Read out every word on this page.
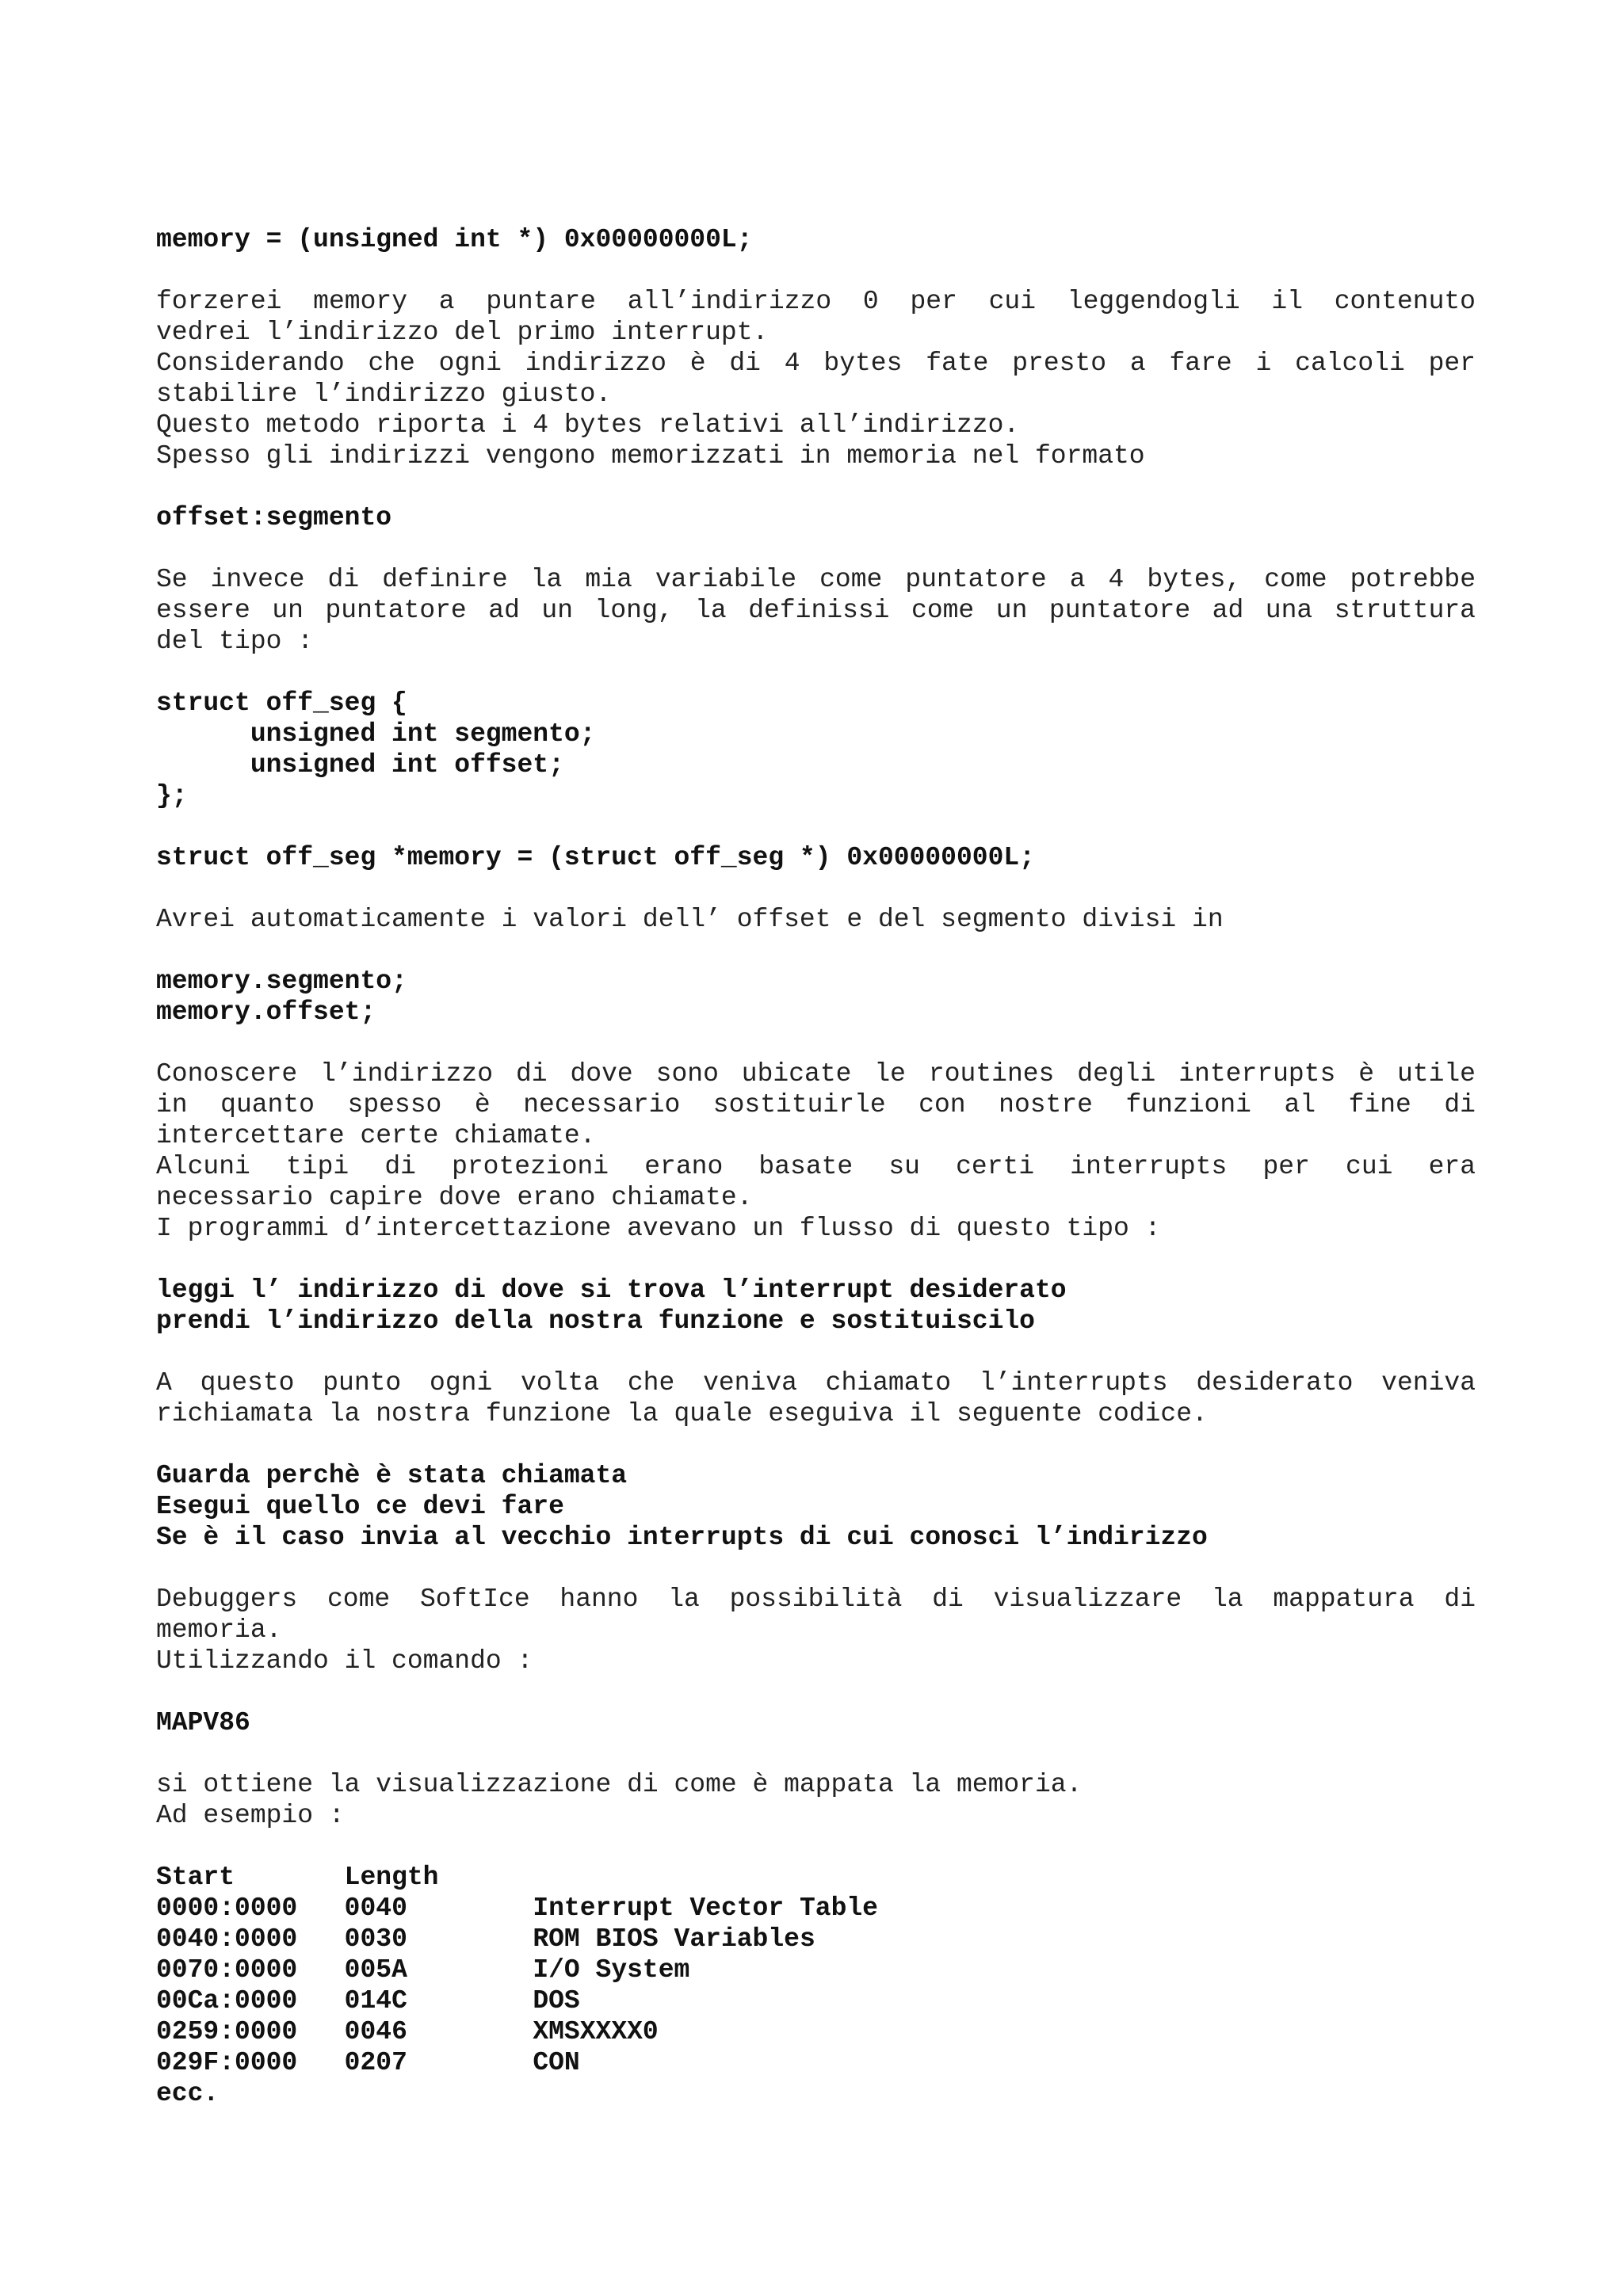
memory = (unsigned int *) 0x00000000L;
forzerei memory a puntare all’indirizzo 0 per cui leggendogli il contenuto
vedrei l’indirizzo del primo interrupt.
Considerando che ogni indirizzo è di 4 bytes fate presto a fare i calcoli per
stabilire l’indirizzo giusto.
Questo metodo riporta i 4 bytes relativi all’indirizzo.
Spesso gli indirizzi vengono memorizzati in memoria nel formato
offset:segmento
Se invece di definire la mia variabile come puntatore a 4 bytes, come potrebbe
essere un puntatore ad un long, la definissi come un puntatore ad una struttura
del tipo :
struct off_seg {
unsigned int segmento;
unsigned int offset;
};
struct off_seg *memory = (struct off_seg *) 0x00000000L;
Avrei automaticamente i valori dell’ offset e del segmento divisi in
memory.segmento;
memory.offset;
Conoscere l’indirizzo di dove sono ubicate le routines degli interrupts è utile
in quanto spesso è necessario sostituirle con nostre funzioni al fine di
intercettare certe chiamate.
Alcuni tipi di protezioni erano basate su certi interrupts per cui era
necessario capire dove erano chiamate.
I programmi d’intercettazione avevano un flusso di questo tipo :
leggi l’ indirizzo di dove si trova l’interrupt desiderato
prendi l’indirizzo della nostra funzione e sostituiscilo
A questo punto ogni volta che veniva chiamato l’interrupts desiderato veniva
richiamata la nostra funzione la quale eseguiva il seguente codice.
Guarda perchè è stata chiamata
Esegui quello ce devi fare
Se è il caso invia al vecchio interrupts di cui conosci l’indirizzo
Debuggers come SoftIce hanno la possibilità di visualizzare la mappatura di
memoria.
Utilizzando il comando :
MAPV86
si ottiene la visualizzazione di come è mappata la memoria.
Ad esempio :
Start	Length
0000:0000 0040	Interrupt Vector Table
0040:0000 0030	ROM BIOS Variables
0070:0000 005A	I/O System
00Ca:0000 014C	DOS
0259:0000 0046	XMSXXXX0
029F:0000 0207	CON
ecc.
